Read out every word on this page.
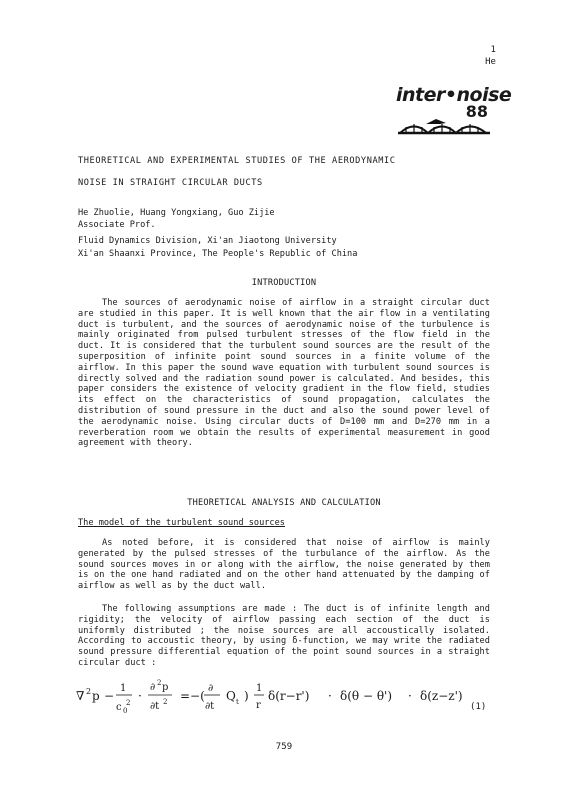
1
He
inter•noise
88
THEORETICAL AND EXPERIMENTAL STUDIES OF THE AERODYNAMIC
NOISE IN STRAIGHT CIRCULAR DUCTS
He Zhuolie, Huang Yongxiang, Guo Zijie
Associate Prof.
Fluid Dynamics Division, Xi'an Jiaotong University
Xi'an Shaanxi Province, The People's Republic of China
INTRODUCTION

The sources of aerodynamic noise of airflow in a straight circular duct are studied in this paper. It is well known that the air flow in a ventilating duct is turbulent, and the sources of aerodynamic noise of the turbulence is mainly originated from pulsed turbulent stresses of the flow field in the duct. It is considered that the turbulent sound sources are the result of the superposition of infinite point sound sources in a finite volume of the airflow. In this paper the sound wave equation with turbulent sound sources is directly solved and the radiation sound power is calculated. And besides, this paper considers the existence of velocity gradient in the flow field, studies its effect on the characteristics of sound propagation, calculates the distribution of sound pressure in the duct and also the sound power level of the aerodynamic noise. Using circular ducts of D=100 mm and D=270 mm in a reverberation room we obtain the results of experimental measurement in good agreement with theory.

THEORETICAL ANALYSIS AND CALCULATION
The model of the turbulent sound sources

As noted before, it is considered that noise of airflow is mainly generated by the pulsed stresses of the turbulance of the airflow. As the sound sources moves in or along with the airflow, the noise generated by them is on the one hand radiated and on the other hand attenuated by the damping of airflow as well as by the duct wall.

The following assumptions are made : The duct is of infinite length and rigidity; the velocity of airflow passing each section of the duct is uniformly distributed ; the noise sources are all accoustically isolated. According to accoustic theory, by using δ-function, we may write the radiated sound pressure differential equation of the point sound sources in a straight circular duct :

∇ 2 p −
1
c 0
2 ·
∂ 2 p
∂t 2 =−(
∂
∂t
Q t )
1
r
δ(r−r') · δ(θ − θ') · δ(z−z')
(1)
759
